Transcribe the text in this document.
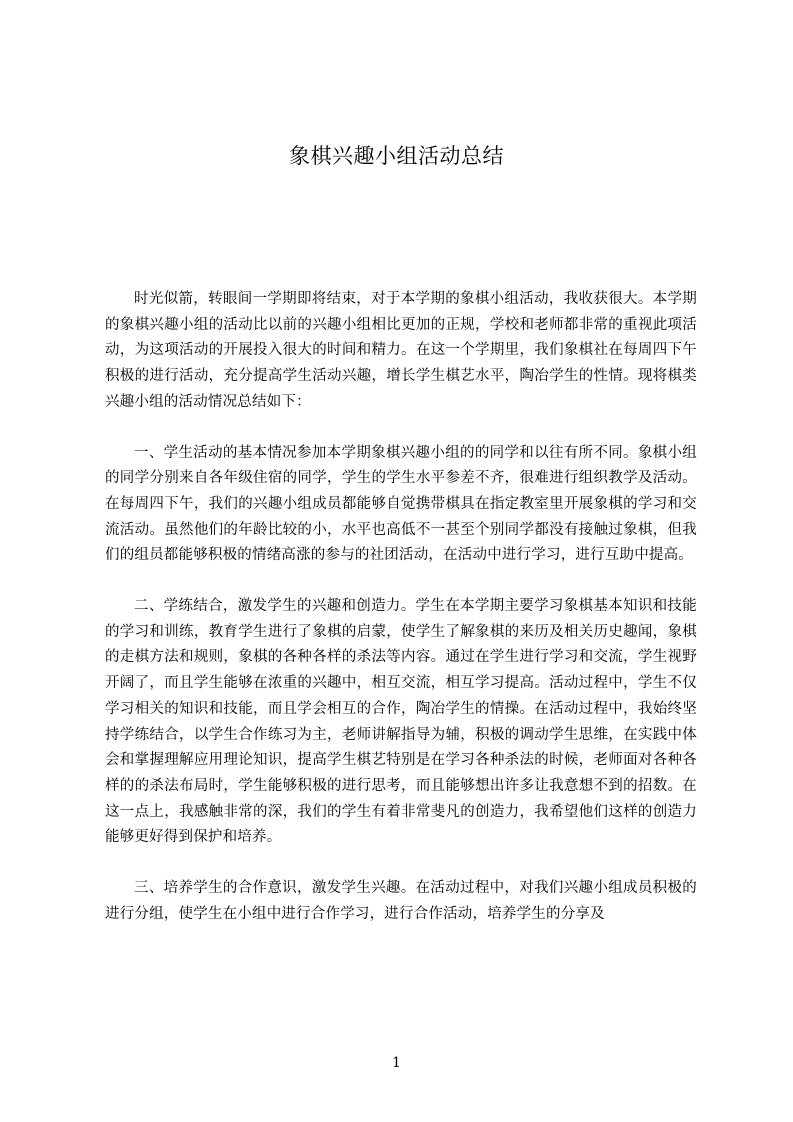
象棋兴趣小组活动总结

时光似箭，转眼间一学期即将结束，对于本学期的象棋小组活动，我收获很大。本学期的象棋兴趣小组的活动比以前的兴趣小组相比更加的正规，学校和老师都非常的重视此项活动，为这项活动的开展投入很大的时间和精力。在这一个学期里，我们象棋社在每周四下午积极的进行活动，充分提高学生活动兴趣，增长学生棋艺水平，陶冶学生的性情。现将棋类兴趣小组的活动情况总结如下：

一、学生活动的基本情况参加本学期象棋兴趣小组的的同学和以往有所不同。象棋小组的同学分别来自各年级住宿的同学，学生的学生水平参差不齐，很难进行组织教学及活动。在每周四下午，我们的兴趣小组成员都能够自觉携带棋具在指定教室里开展象棋的学习和交流活动。虽然他们的年龄比较的小，水平也高低不一甚至个别同学都没有接触过象棋，但我们的组员都能够积极的情绪高涨的参与的社团活动，在活动中进行学习，进行互助中提高。

二、学练结合，激发学生的兴趣和创造力。学生在本学期主要学习象棋基本知识和技能的学习和训练，教育学生进行了象棋的启蒙，使学生了解象棋的来历及相关历史趣闻，象棋的走棋方法和规则，象棋的各种各样的杀法等内容。通过在学生进行学习和交流，学生视野开阔了，而且学生能够在浓重的兴趣中，相互交流，相互学习提高。活动过程中，学生不仅学习相关的知识和技能，而且学会相互的合作，陶冶学生的情操。在活动过程中，我始终坚持学练结合，以学生合作练习为主，老师讲解指导为辅，积极的调动学生思维，在实践中体会和掌握理解应用理论知识，提高学生棋艺特别是在学习各种杀法的时候，老师面对各种各样的的杀法布局时，学生能够积极的进行思考，而且能够想出许多让我意想不到的招数。在这一点上，我感触非常的深，我们的学生有着非常斐凡的创造力，我希望他们这样的创造力能够更好得到保护和培养。

三、培养学生的合作意识，激发学生兴趣。在活动过程中，对我们兴趣小组成员积极的进行分组，使学生在小组中进行合作学习，进行合作活动，培养学生的分享及

1
